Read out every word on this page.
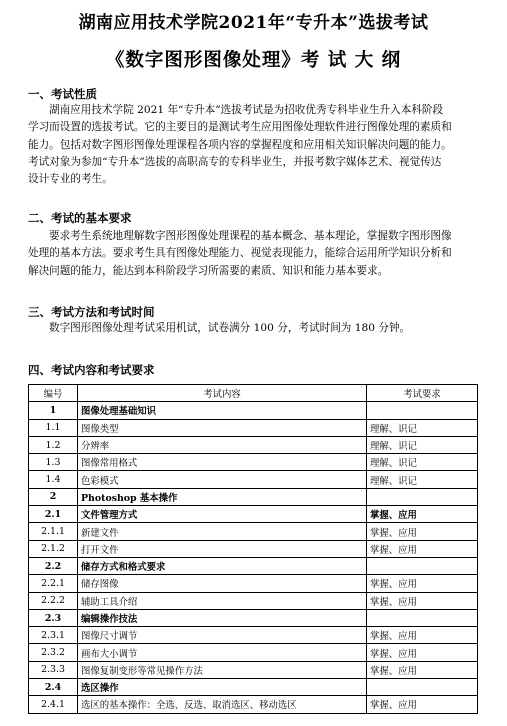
湖南应用技术学院2021年“专升本”选拔考试
《数字图形图像处理》考 试 大 纲
一、考试性质
湖南应用技术学院 2021 年“专升本”选拔考试是为招收优秀专科毕业生升入本科阶段
学习而设置的选拔考试。它的主要目的是测试考生应用图像处理软件进行图像处理的素质和
能力。包括对数字图形图像处理课程各项内容的掌握程度和应用相关知识解决问题的能力。
考试对象为参加“专升本”选拔的高职高专的专科毕业生，并报考数字媒体艺术、视觉传达
设计专业的考生。
二、考试的基本要求
要求考生系统地理解数字图形图像处理课程的基本概念、基本理论，掌握数字图形图像
处理的基本方法。要求考生具有图像处理能力、视觉表现能力，能综合运用所学知识分析和
解决问题的能力，能达到本科阶段学习所需要的素质、知识和能力基本要求。
三、考试方法和考试时间
数字图形图像处理考试采用机试，试卷满分 100 分，考试时间为 180 分钟。
四、考试内容和考试要求
编号	考试内容	考试要求
1	图像处理基础知识	
1.1	图像类型	理解、识记
1.2	分辨率	理解、识记
1.3	图像常用格式	理解、识记
1.4	色彩模式	理解、识记
2	Photoshop 基本操作	
2.1	文件管理方式	掌握、应用
2.1.1	新建文件	掌握、应用
2.1.2	打开文件	掌握、应用
2.2	储存方式和格式要求	
2.2.1	储存图像	掌握、应用
2.2.2	辅助工具介绍	掌握、应用
2.3	编辑操作技法	
2.3.1	图像尺寸调节	掌握、应用
2.3.2	画布大小调节	掌握、应用
2.3.3	图像复制变形等常见操作方法	掌握、应用
2.4	选区操作	
2.4.1	选区的基本操作：全选、反选、取消选区、移动选区	掌握、应用
